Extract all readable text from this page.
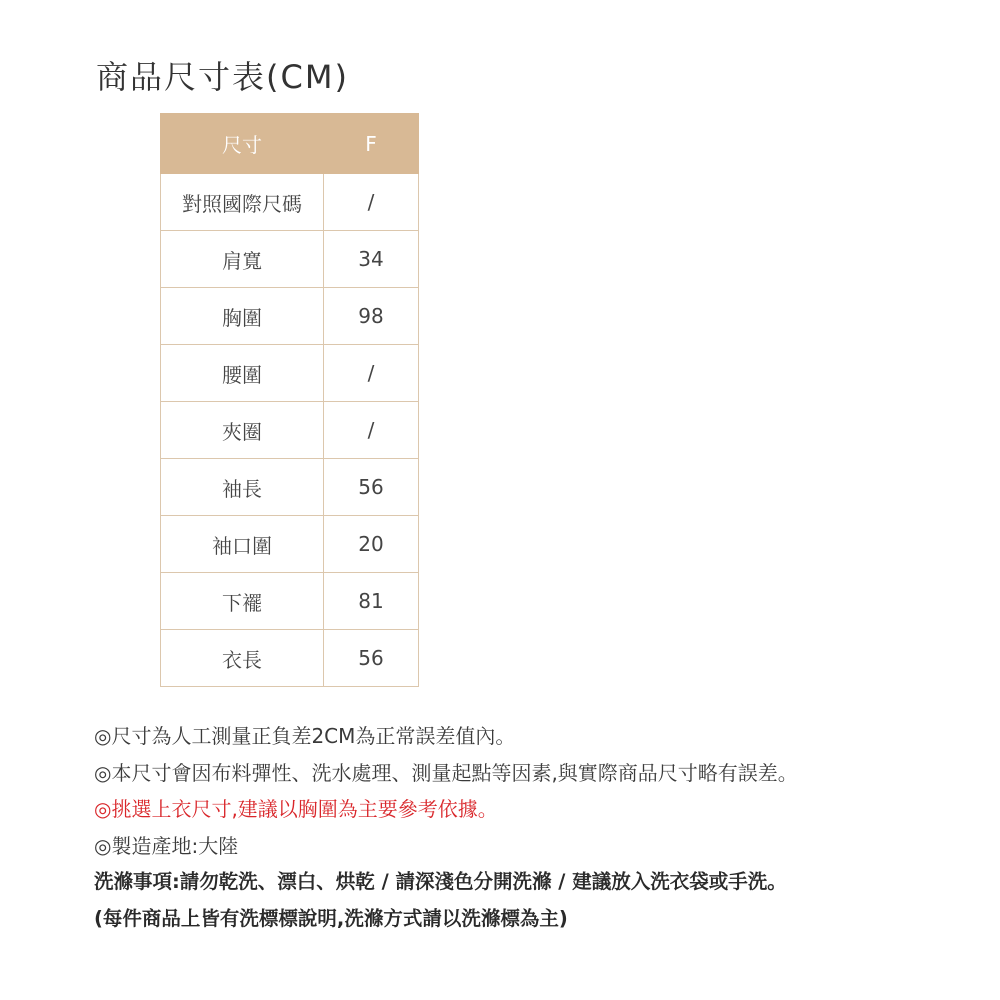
商品尺寸表(CM)
尺寸	F
對照國際尺碼	/
肩寬	34
胸圍	98
腰圍	/
夾圈	/
袖長	56
袖口圍	20
下襬	81
衣長	56
◎尺寸為人工測量正負差2CM為正常誤差值內。
◎本尺寸會因布料彈性、洗水處理、測量起點等因素,與實際商品尺寸略有誤差。
◎挑選上衣尺寸,建議以胸圍為主要參考依據。
◎製造產地:大陸
洗滌事項:請勿乾洗、漂白、烘乾 / 請深淺色分開洗滌 / 建議放入洗衣袋或手洗。
(每件商品上皆有洗標標說明,洗滌方式請以洗滌標為主)
